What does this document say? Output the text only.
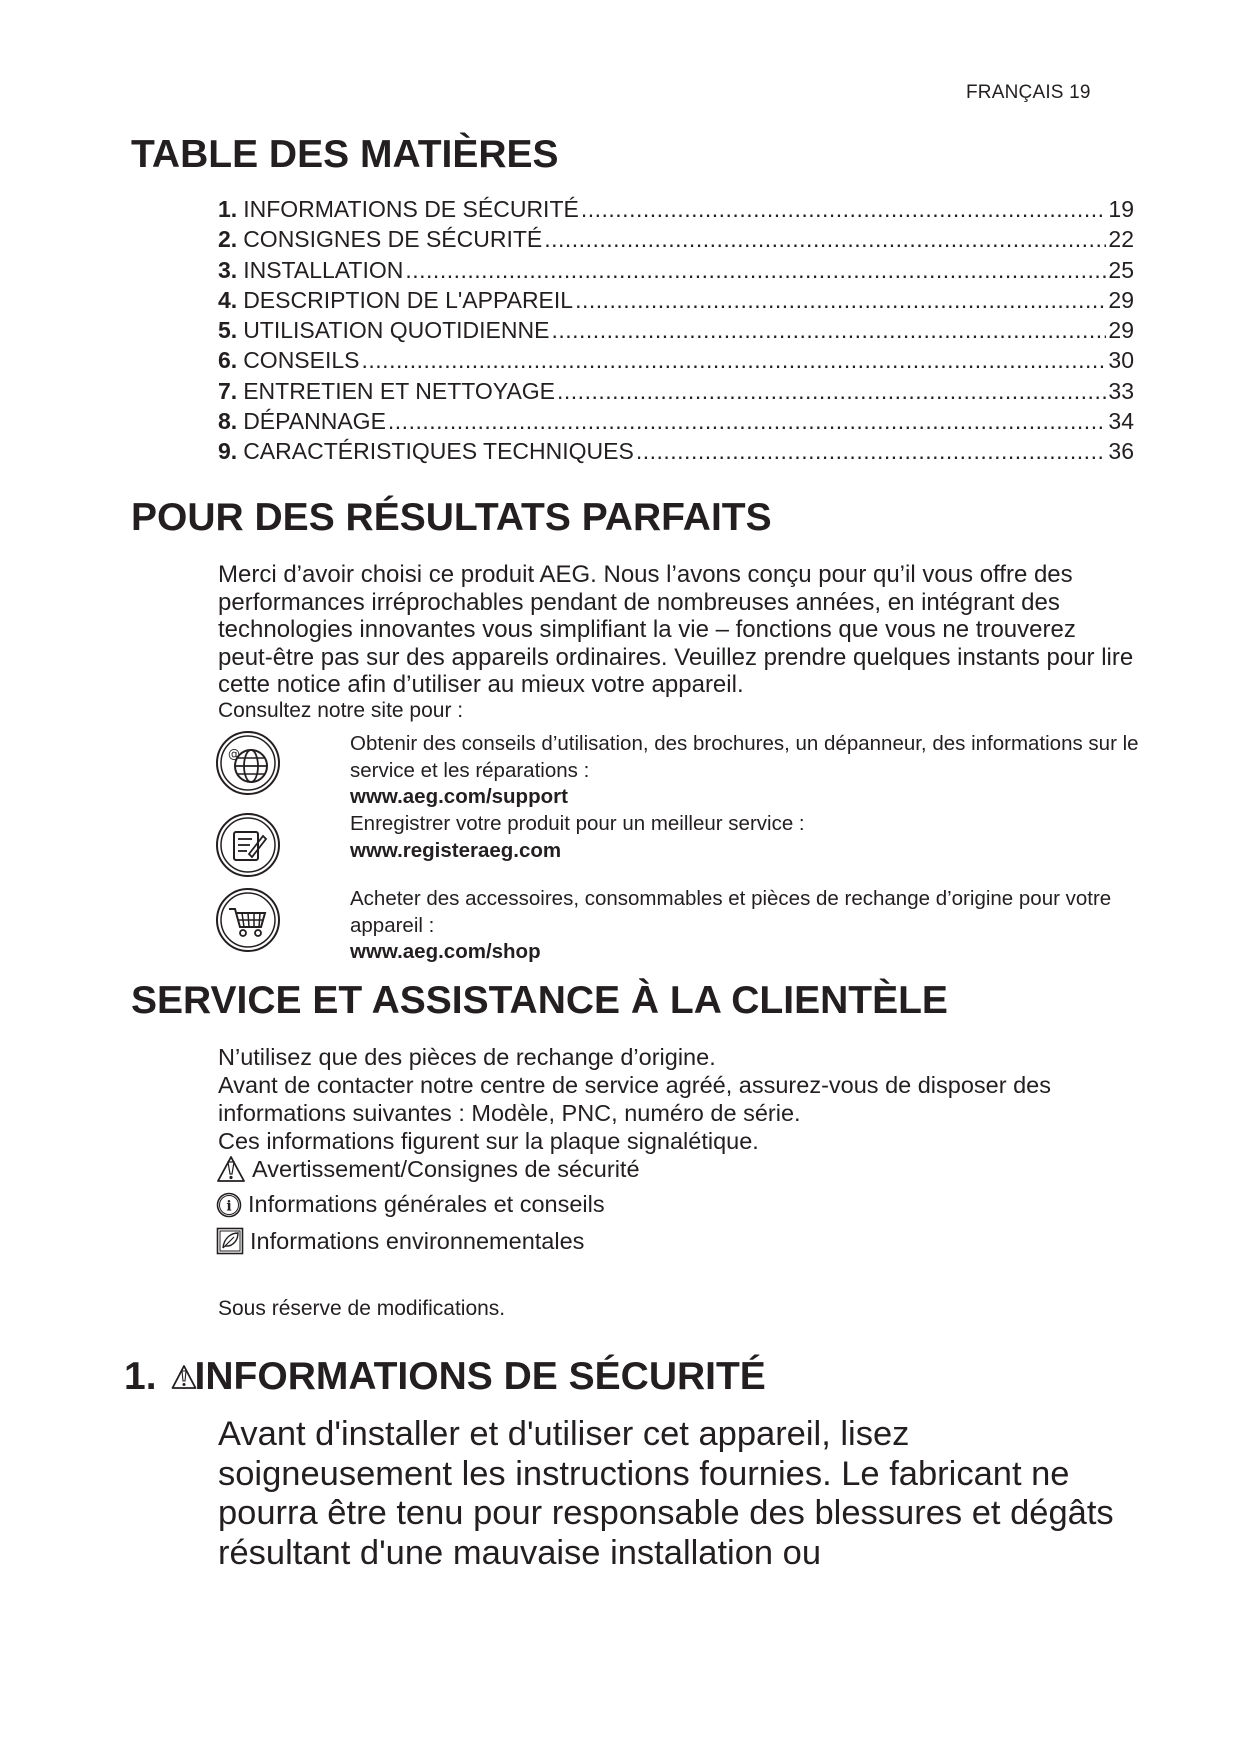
FRANÇAIS 19
TABLE DES MATIÈRES
1. INFORMATIONS DE SÉCURITÉ .....	19
2. CONSIGNES DE SÉCURITÉ .....	22
3. INSTALLATION .....	25
4. DESCRIPTION DE L'APPAREIL .....	29
5. UTILISATION QUOTIDIENNE .....	29
6. CONSEILS .....	30
7. ENTRETIEN ET NETTOYAGE .....	33
8. DÉPANNAGE .....	34
9. CARACTÉRISTIQUES TECHNIQUES .....	36
POUR DES RÉSULTATS PARFAITS
Merci d’avoir choisi ce produit AEG. Nous l’avons conçu pour qu’il vous offre des performances irréprochables pendant de nombreuses années, en intégrant des technologies innovantes vous simplifiant la vie – fonctions que vous ne trouverez peut-être pas sur des appareils ordinaires. Veuillez prendre quelques instants pour lire cette notice afin d’utiliser au mieux votre appareil.
Consultez notre site pour :
@	Obtenir des conseils d’utilisation, des brochures, un dépanneur, des informations sur le service et les réparations :
www.aeg.com/support
Enregistrer votre produit pour un meilleur service :
www.registeraeg.com
Acheter des accessoires, consommables et pièces de rechange d’origine pour votre appareil :
www.aeg.com/shop
SERVICE ET ASSISTANCE À LA CLIENTÈLE
N’utilisez que des pièces de rechange d’origine.
Avant de contacter notre centre de service agréé, assurez-vous de disposer des informations suivantes : Modèle, PNC, numéro de série.
Ces informations figurent sur la plaque signalétique.
Avertissement/Consignes de sécurité
i Informations générales et conseils
Informations environnementales
Sous réserve de modifications.
1. INFORMATIONS DE SÉCURITÉ
Avant d'installer et d'utiliser cet appareil, lisez soigneusement les instructions fournies. Le fabricant ne pourra être tenu pour responsable des blessures et dégâts résultant d'une mauvaise installation ou
